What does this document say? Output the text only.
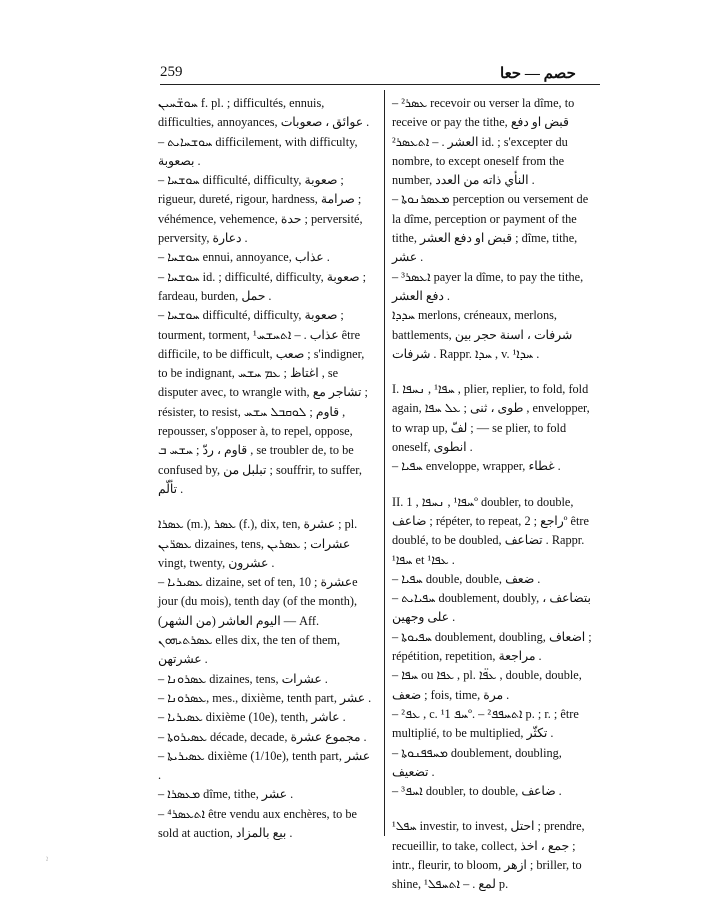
259	حصم — حعا
ܚܘܫ̈ܚܝܢ f. pl. ; difficultés, ennuis, difficulties, annoyances, عوائق ، صعوبات .
– ܚܘܫܚܐܝܬ difficilement, with difficulty, بصعوبة .
– ܚܘܫܚܐ difficulté, difficulty, صعوبة ; rigueur, dureté, rigour, hardness, صرامة ; véhémence, vehemence, حدة ; perversité, perversity, دعارة .
– ܚܘܫܚܐ ennui, annoyance, عذاب .
– ܚܘܫܚܐ id. ; difficulté, difficulty, صعوبة ; fardeau, burden, حمل .
– ܚܘܫܚܐ difficulté, difficulty, صعوبة ; tourment, torment, عذاب . – ܐܬܚܫܚ¹ être difficile, to be difficult, صعب ; s'indigner, to be indignant, اغتاظ ; ܥܡ ܚܫܚ , se disputer avec, to wrangle with, تشاجر مع ; résister, to resist, قاوم ; ܠܘܩܒܠ ܚܫܚ , repousser, s'opposer à, to repel, oppose, قاوم ، ردّ ; ܚܫܚ ܒ , se troubler de, to be confused by, تبلبل من ; souffrir, to suffer, تألّم .
ܥܣܪܐ (m.), ܥܣܪ (f.), dix, ten, عشرة ; pl. ܥܣܪ̈ܝܢ dizaines, tens, عشرات ; ܥܣܪܝܢ vingt, twenty, عشرون .
– ܥܣܝܪܝܐ dizaine, set of ten, عشرة ; 10e jour (du mois), tenth day (of the month), اليوم العاشر (من الشهر) — Aff. ܥܣܪܬܝܗܘܢ elles dix, the ten of them, عشرتهن .
– ܥܣܪܘܢܐ dizaines, tens, عشرات .
– ܥܣܪܘܢܐ, mes., dixième, tenth part, عشر .
– ܥܣܝܪܝܐ dixième (10e), tenth, عاشر .
– ܥܣܝܪܘܬܐ décade, decade, مجموع عشرة .
– ܥܣܝܪܝܬܐ dixième (1/10e), tenth part, عشر .
– ܡܥܣܪܐ dîme, tithe, عشر .
– ܐܬܥܣܪ⁴ être vendu aux enchères, to be sold at auction, بيع بالمزاد .
– ܥܣܪ² recevoir ou verser la dîme, to receive or pay the tithe, قبض او دفع العشر . – ܐܬܥܣܪ² id. ; s'excepter du nombre, to except oneself from the number, النأي ذاته من العدد .
– ܡܥܣܪܢܘܬܐ perception ou versement de la dîme, perception or payment of the tithe, قبض او دفع العشر ; dîme, tithe, عشر .
– ܐܥܣܪ³ payer la dîme, to pay the tithe, دفع العشر .
ܚܕܕܐ merlons, créneaux, merlons, battlements, شرفات ، اسنة حجر بين شرفات . Rappr. ܚܕܐ , v. ¹ܚܕܐ .
I. ܚܦܐ¹ , ܢܚܦܐ , plier, replier, to fold, fold again, طوى ، ثنى ; ܥܠ ܚܦܐ , envelopper, to wrap up, لفّ ; — se plier, to fold oneself, انطوى .
– ܚܦܝܐ enveloppe, wrapper, غطاء .
II. ܚܦܐ¹ , ܢܚܦܐ , 1º doubler, to double, ضاعف ; répéter, to repeat, راجع ; 2º être doublé, to be doubled, تضاعف . Rappr. ¹ܚܦܐ et ¹ܥܦܐ .
– ܚܦܝܐ double, double, ضعف .
– ܚܦܝܐܝܬ doublement, doubly, بتضاعف ، على وجهين .
– ܚܦܝܘܬܐ doublement, doubling, اضعاف ; répétition, repetition, مراجعة .
– ܚܦܐ ou ܥܦܐ , pl. ܥܦ̈ܐ , double, double, ضعف ; fois, time, مرة .
– ܥܦ² , c. ¹ܚܦ 1º. – ܐܬܚܦܦ² p. ; r. ; être multiplié, to be multiplied, تكثّر .
– ܡܚܦܦܢܘܬܐ doublement, doubling, تضعيف .
– ܐܚܦ³ doubler, to double, ضاعف .
ܚܦܠ¹ investir, to invest, احتل ; prendre, recueillir, to take, collect, جمع ، اخذ ; intr., fleurir, to bloom, ازهر ; briller, to shine, لمع . – ܐܬܚܦܠ¹ p.
ܐ
